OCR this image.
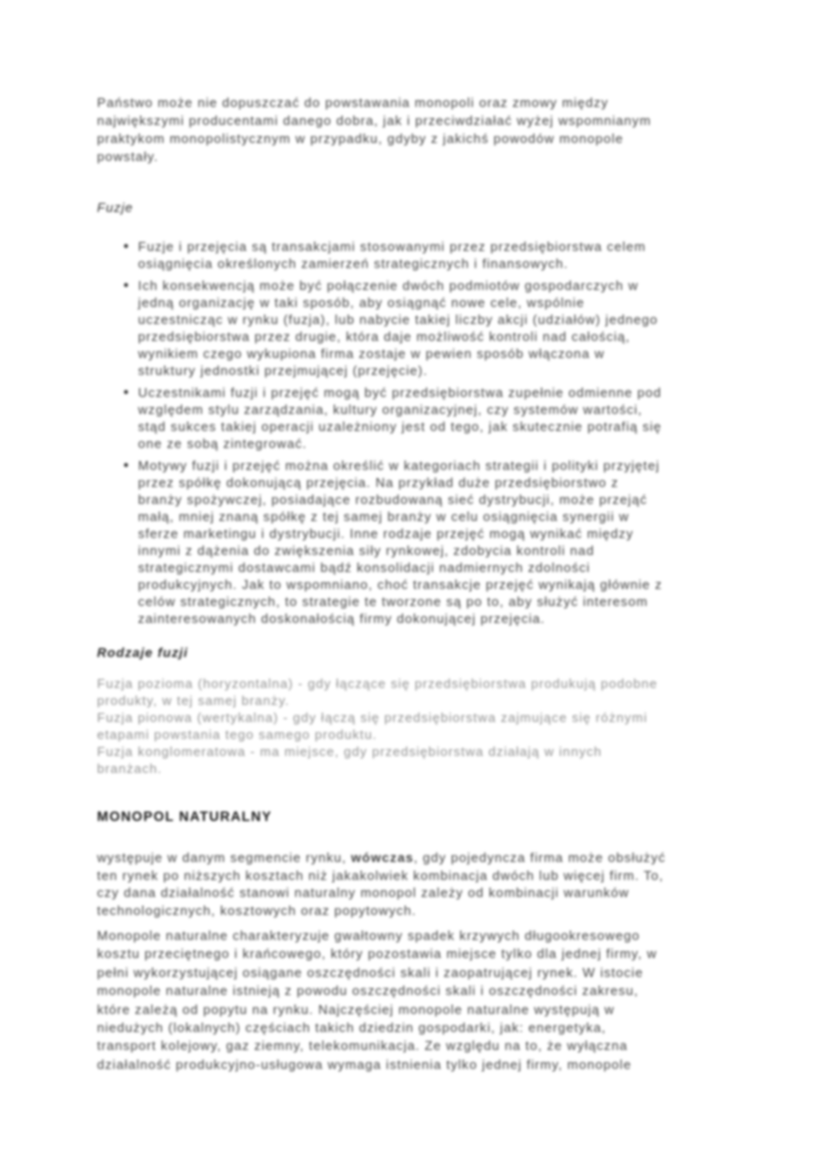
Państwo może nie dopuszczać do powstawania monopoli oraz zmowy między
największymi producentami danego dobra, jak i przeciwdziałać wyżej wspomnianym
praktykom monopolistycznym w przypadku, gdyby z jakichś powodów monopole
powstały.
Fuzje
Fuzje i przejęcia są transakcjami stosowanymi przez przedsiębiorstwa celem
osiągnięcia określonych zamierzeń strategicznych i finansowych.
Ich konsekwencją może być połączenie dwóch podmiotów gospodarczych w
jedną organizację w taki sposób, aby osiągnąć nowe cele, wspólnie
uczestnicząc w rynku (fuzja), lub nabycie takiej liczby akcji (udziałów) jednego
przedsiębiorstwa przez drugie, która daje możliwość kontroli nad całością,
wynikiem czego wykupiona firma zostaje w pewien sposób włączona w
struktury jednostki przejmującej (przejęcie).
Uczestnikami fuzji i przejęć mogą być przedsiębiorstwa zupełnie odmienne pod
względem stylu zarządzania, kultury organizacyjnej, czy systemów wartości,
stąd sukces takiej operacji uzależniony jest od tego, jak skutecznie potrafią się
one ze sobą zintegrować.
Motywy fuzji i przejęć można określić w kategoriach strategii i polityki przyjętej
przez spółkę dokonującą przejęcia. Na przykład duże przedsiębiorstwo z
branży spożywczej, posiadające rozbudowaną sieć dystrybucji, może przejąć
małą, mniej znaną spółkę z tej samej branży w celu osiągnięcia synergii w
sferze marketingu i dystrybucji. Inne rodzaje przejęć mogą wynikać między
innymi z dążenia do zwiększenia siły rynkowej, zdobycia kontroli nad
strategicznymi dostawcami bądź konsolidacji nadmiernych zdolności
produkcyjnych. Jak to wspomniano, choć transakcje przejęć wynikają głównie z
celów strategicznych, to strategie te tworzone są po to, aby służyć interesom
zainteresowanych doskonałością firmy dokonującej przejęcia.
Rodzaje fuzji
Fuzja pozioma (horyzontalna) - gdy łączące się przedsiębiorstwa produkują podobne
produkty, w tej samej branży.
Fuzja pionowa (wertykalna) - gdy łączą się przedsiębiorstwa zajmujące się różnymi
etapami powstania tego samego produktu.
Fuzja konglomeratowa - ma miejsce, gdy przedsiębiorstwa działają w innych
branżach.
MONOPOL NATURALNY
występuje w danym segmencie rynku, wówczas, gdy pojedyncza firma może obsłużyć
ten rynek po niższych kosztach niż jakakolwiek kombinacja dwóch lub więcej firm. To,
czy dana działalność stanowi naturalny monopol zależy od kombinacji warunków
technologicznych, kosztowych oraz popytowych.
Monopole naturalne charakteryzuje gwałtowny spadek krzywych długookresowego
kosztu przeciętnego i krańcowego, który pozostawia miejsce tylko dla jednej firmy, w
pełni wykorzystującej osiągane oszczędności skali i zaopatrującej rynek. W istocie
monopole naturalne istnieją z powodu oszczędności skali i oszczędności zakresu,
które zależą od popytu na rynku. Najczęściej monopole naturalne występują w
niedużych (lokalnych) częściach takich dziedzin gospodarki, jak: energetyka,
transport kolejowy, gaz ziemny, telekomunikacja. Ze względu na to, że wyłączna
działalność produkcyjno-usługowa wymaga istnienia tylko jednej firmy, monopole
